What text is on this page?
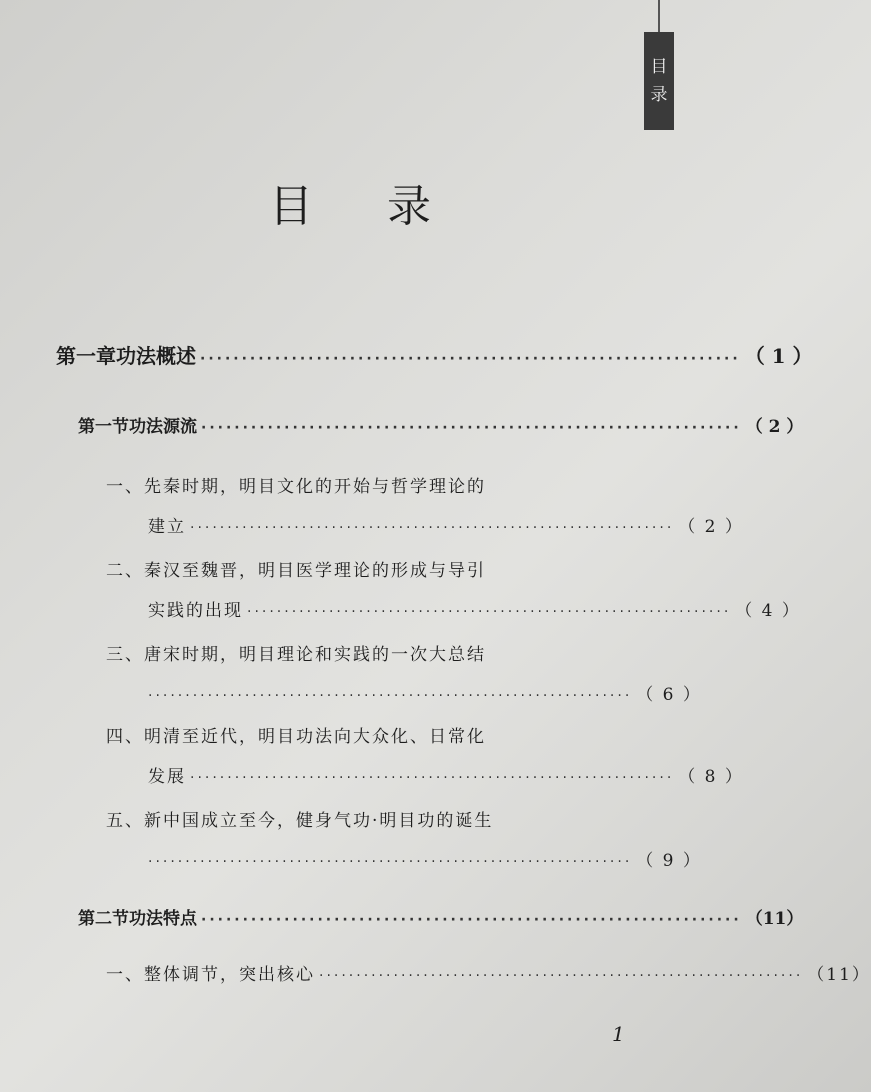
目
录
目 录
第一章 功法概述 ································································· （ 1 ）
第一节 功法源流 ································································· （ 2 ）
一、先秦时期，明目文化的开始与哲学理论的
建立 ································································· （ 2 ）
二、秦汉至魏晋，明目医学理论的形成与导引
实践的出现 ································································· （ 4 ）
三、唐宋时期，明目理论和实践的一次大总结
································································· （ 6 ）
四、明清至近代，明目功法向大众化、日常化
发展 ································································· （ 8 ）
五、新中国成立至今，健身气功·明目功的诞生
································································· （ 9 ）
第二节 功法特点 ································································· （11）
一、整体调节，突出核心 ································································· （11）
1
